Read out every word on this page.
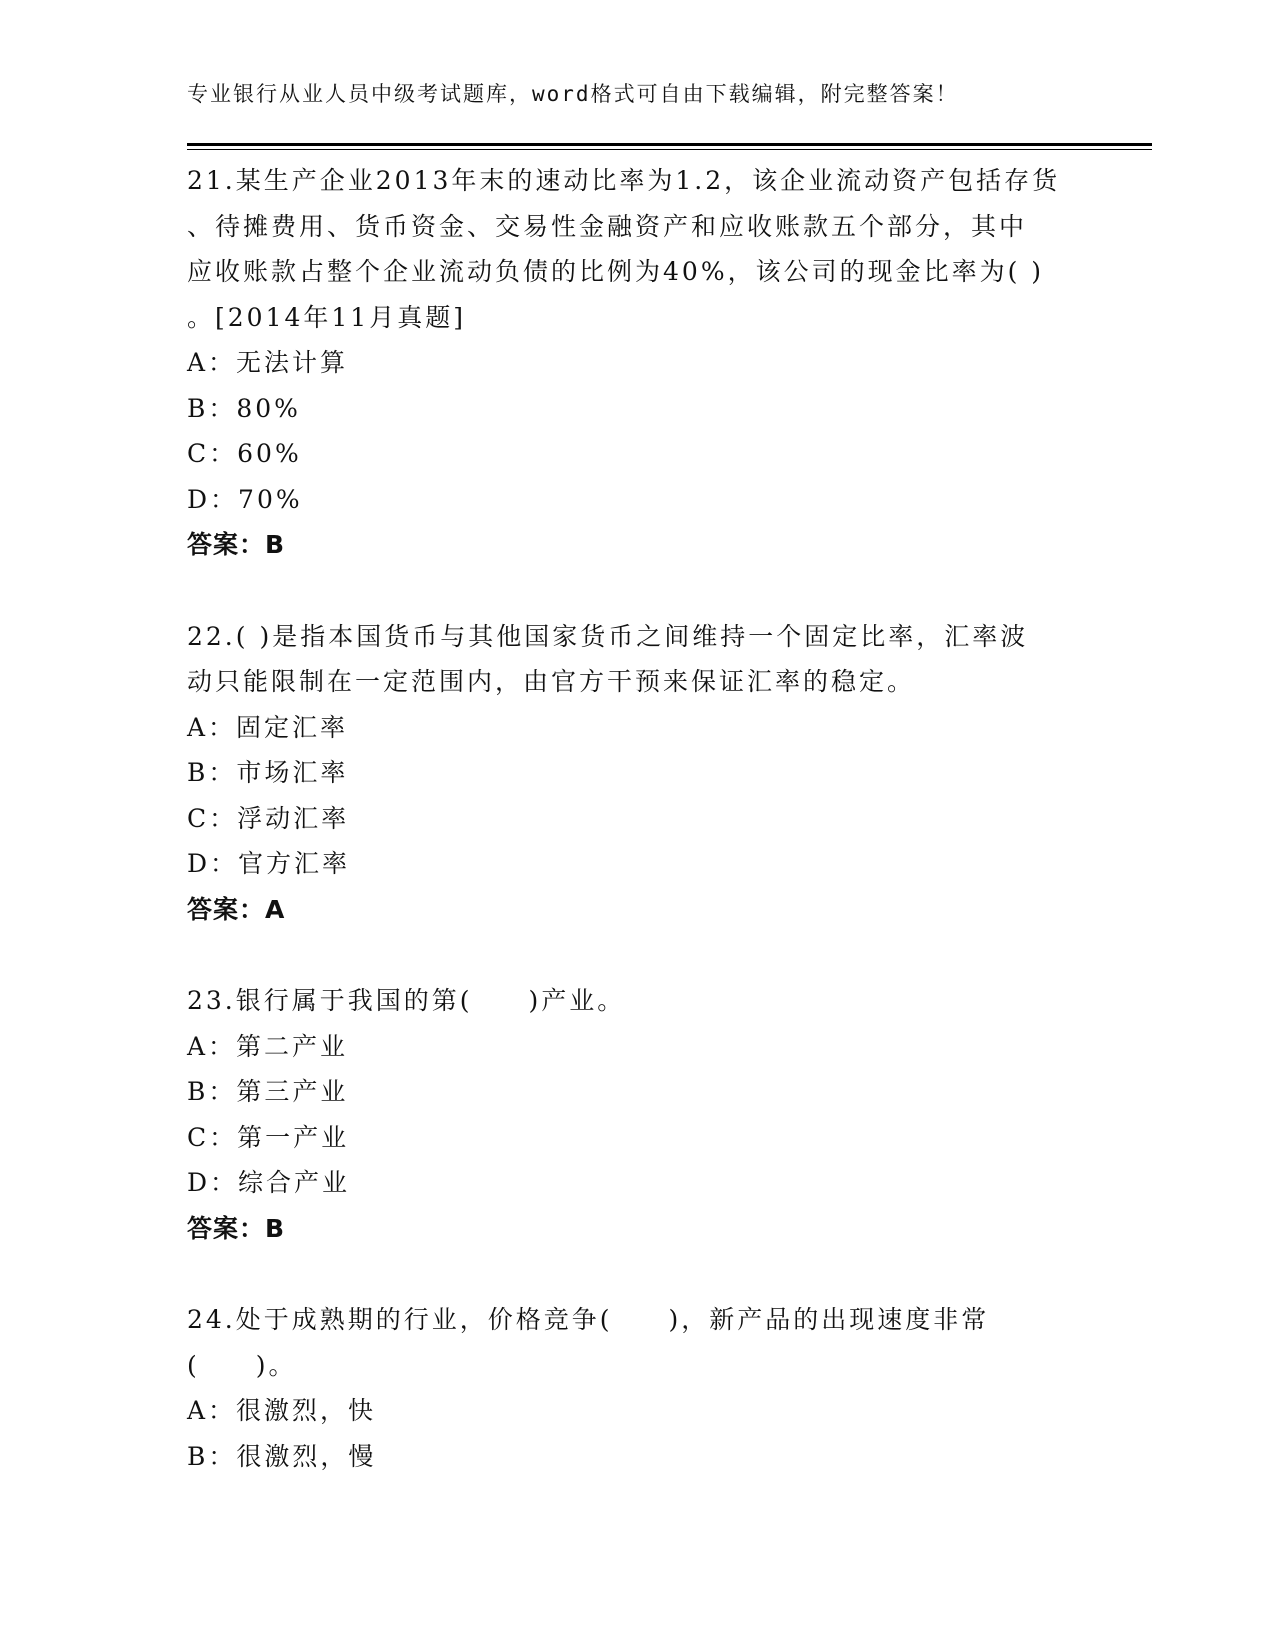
专业银行从业人员中级考试题库，word格式可自由下载编辑，附完整答案！
21.某生产企业2013年末的速动比率为1.2，该企业流动资产包括存货
、待摊费用、货币资金、交易性金融资产和应收账款五个部分，其中
应收账款占整个企业流动负债的比例为40%，该公司的现金比率为( )
。[2014年11月真题]
A：无法计算
B：80%
C：60%
D：70%
答案：B
22.( )是指本国货币与其他国家货币之间维持一个固定比率，汇率波
动只能限制在一定范围内，由官方干预来保证汇率的稳定。
A：固定汇率
B：市场汇率
C：浮动汇率
D：官方汇率
答案：A
23.银行属于我国的第(　　)产业。
A：第二产业
B：第三产业
C：第一产业
D：综合产业
答案：B
24.处于成熟期的行业，价格竞争(　　)，新产品的出现速度非常
(　　)。
A：很激烈，快
B：很激烈，慢
